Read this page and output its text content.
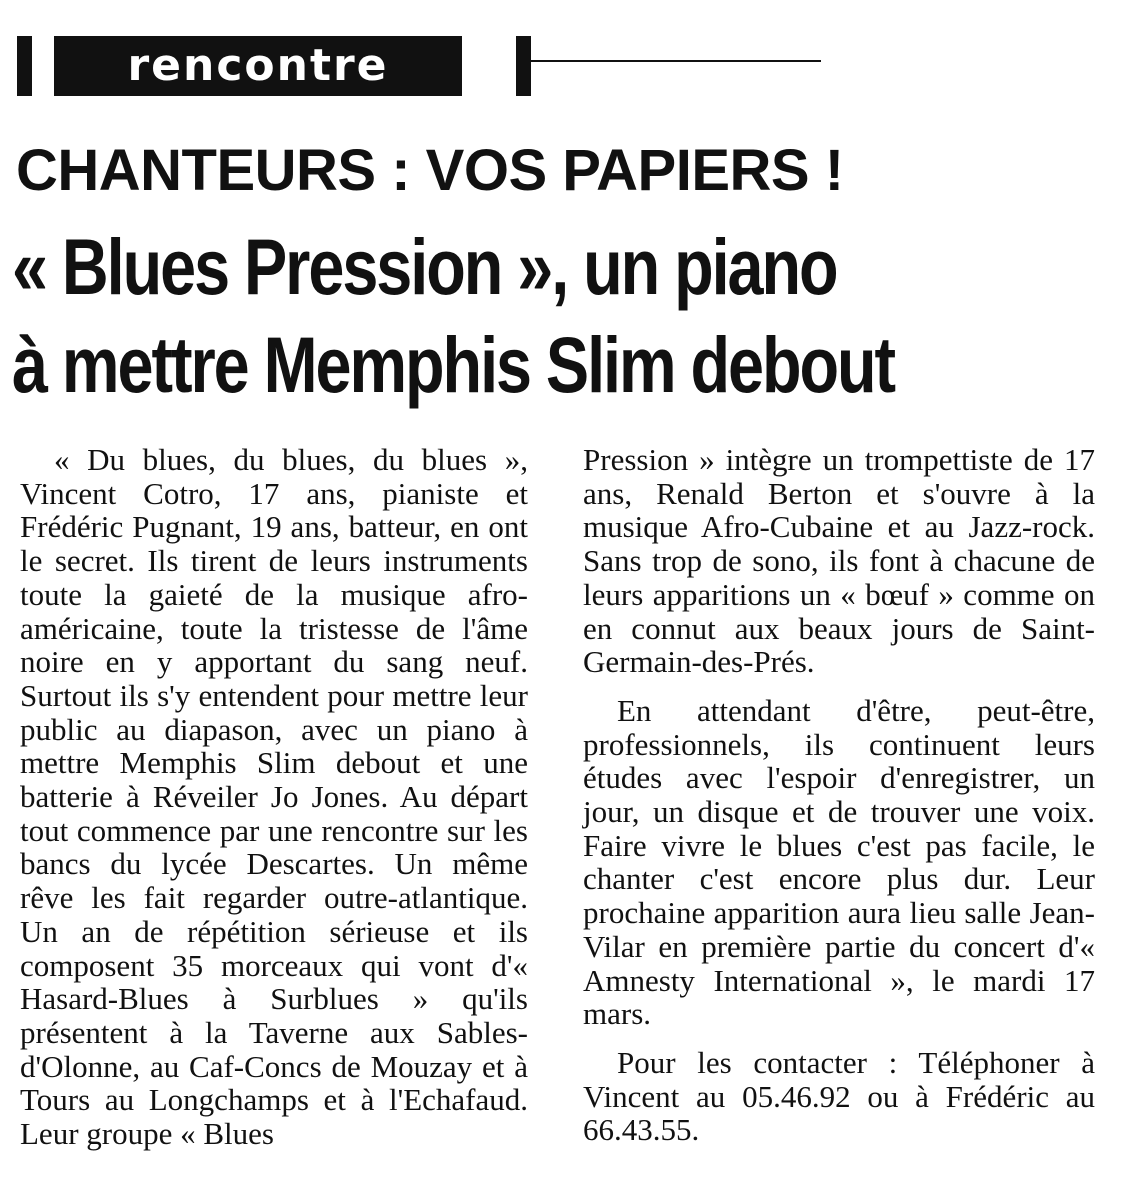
rencontre
CHANTEURS : VOS PAPIERS !
« Blues Pression », un piano
à mettre Memphis Slim debout

« Du blues, du blues, du blues », Vincent Cotro, 17 ans, pianiste et Frédéric Pugnant, 19 ans, batteur, en ont le secret. Ils tirent de leurs instruments toute la gaieté de la musique afro-américaine, toute la tristesse de l'âme noire en y apportant du sang neuf. Surtout ils s'y entendent pour mettre leur public au diapason, avec un piano à mettre Memphis Slim debout et une batterie à Réveiler Jo Jones. Au départ tout commence par une rencontre sur les bancs du lycée Descartes. Un même rêve les fait regarder outre-atlantique. Un an de répétition sérieuse et ils composent 35 morceaux qui vont d'« Hasard-Blues à Surblues » qu'ils présentent à la Taverne aux Sables-d'Olonne, au Caf-Concs de Mouzay et à Tours au Longchamps et à l'Echafaud. Leur groupe « Blues

Pression » intègre un trompettiste de 17 ans, Renald Berton et s'ouvre à la musique Afro-Cubaine et au Jazz-rock. Sans trop de sono, ils font à chacune de leurs apparitions un « bœuf » comme on en connut aux beaux jours de Saint-Germain-des-Prés.

En attendant d'être, peut-être, professionnels, ils continuent leurs études avec l'espoir d'enregistrer, un jour, un disque et de trouver une voix. Faire vivre le blues c'est pas facile, le chanter c'est encore plus dur. Leur prochaine apparition aura lieu salle Jean-Vilar en première partie du concert d'« Amnesty International », le mardi 17 mars.

Pour les contacter : Téléphoner à Vincent au 05.46.92 ou à Frédéric au 66.43.55.
